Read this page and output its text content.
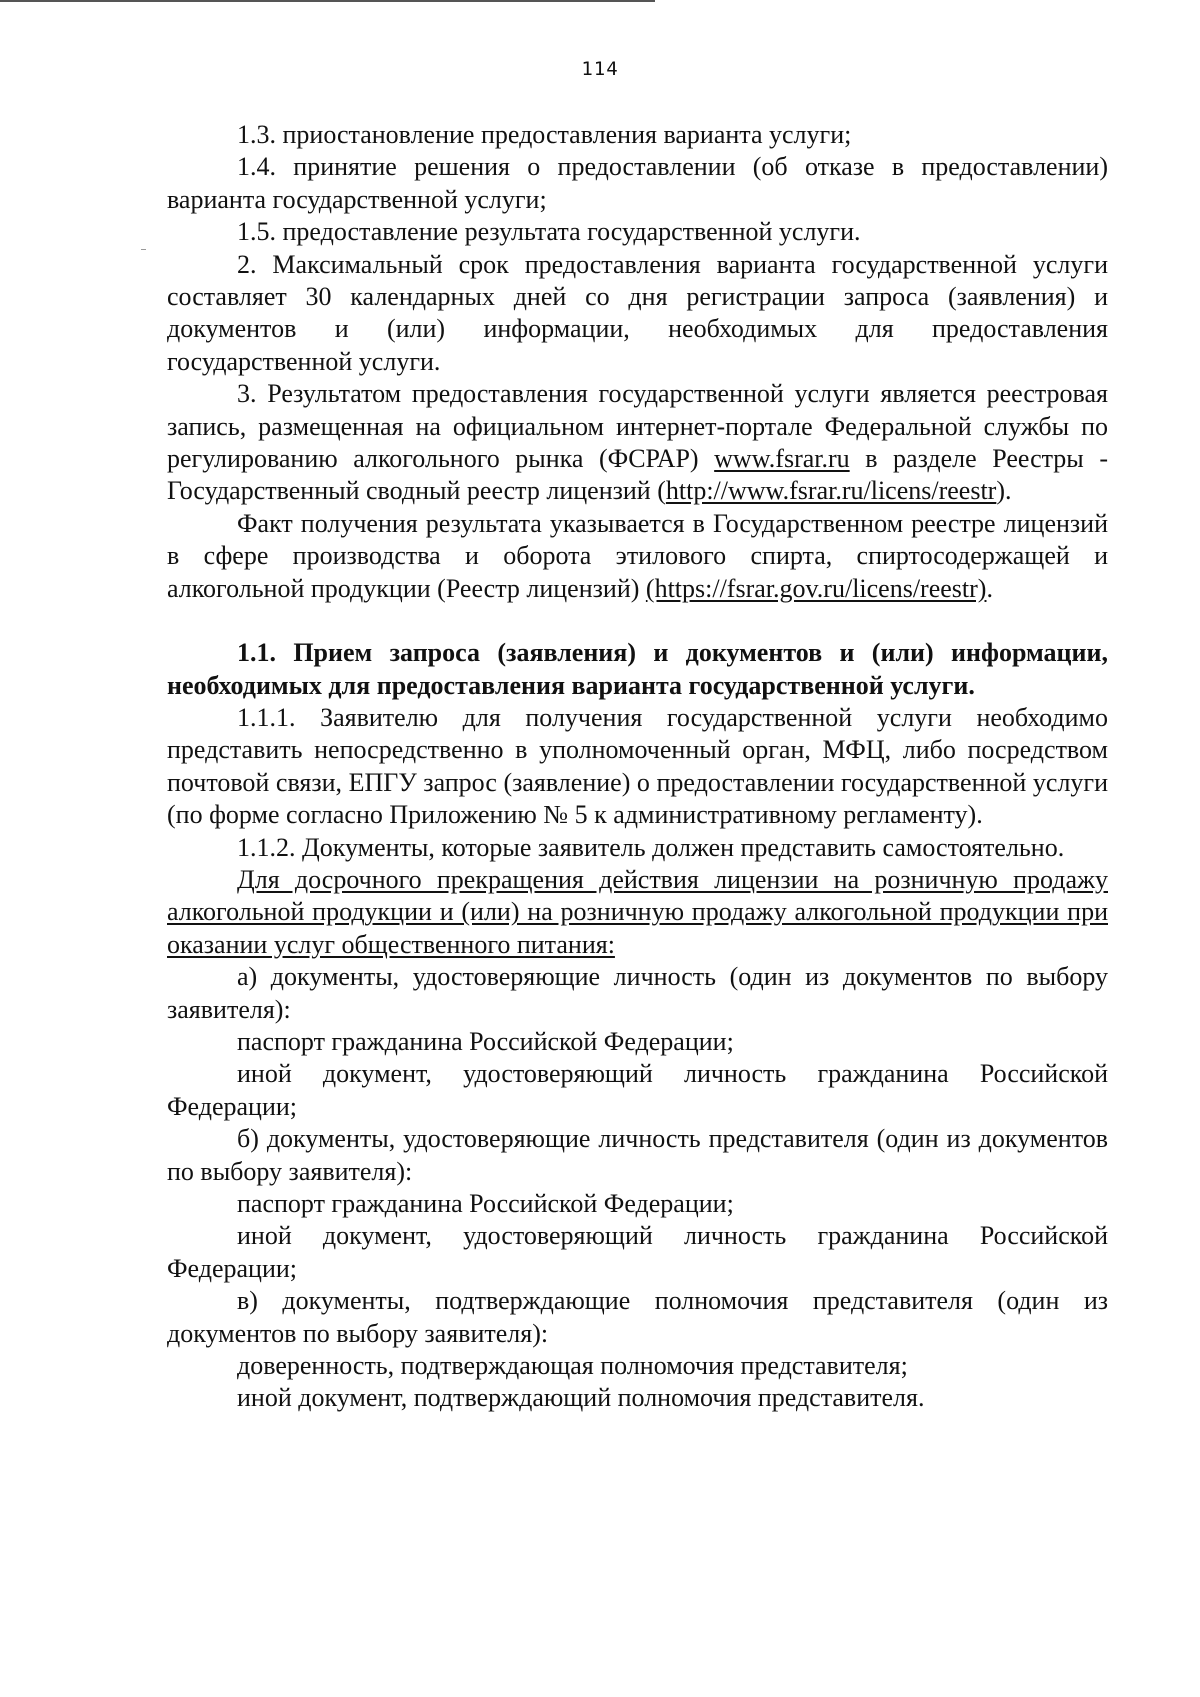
114

1.3. приостановление предоставления варианта услуги;

1.4. принятие решения о предоставлении (об отказе в предоставлении) варианта государственной услуги;

1.5. предоставление результата государственной услуги.

2. Максимальный срок предоставления варианта государственной услуги составляет 30 календарных дней со дня регистрации запроса (заявления) и документов и (или) информации, необходимых для предоставления государственной услуги.

3. Результатом предоставления государственной услуги является реестровая запись, размещенная на официальном интернет-портале Федеральной службы по регулированию алкогольного рынка (ФСРАР) www.fsrar.ru в разделе Реестры - Государственный сводный реестр лицензий (http://www.fsrar.ru/licens/reestr).

Факт получения результата указывается в Государственном реестре лицензий в сфере производства и оборота этилового спирта, спиртосодержащей и алкогольной продукции (Реестр лицензий) (https://fsrar.gov.ru/licens/reestr).

1.1. Прием запроса (заявления) и документов и (или) информации, необходимых для предоставления варианта государственной услуги.

1.1.1. Заявителю для получения государственной услуги необходимо представить непосредственно в уполномоченный орган, МФЦ, либо посредством почтовой связи, ЕПГУ запрос (заявление) о предоставлении государственной услуги (по форме согласно Приложению № 5 к административному регламенту).

1.1.2. Документы, которые заявитель должен представить самостоятельно.

Для досрочного прекращения действия лицензии на розничную продажу алкогольной продукции и (или) на розничную продажу алкогольной продукции при оказании услуг общественного питания:

а) документы, удостоверяющие личность (один из документов по выбору заявителя):

паспорт гражданина Российской Федерации;

иной документ, удостоверяющий личность гражданина Российской Федерации;

б) документы, удостоверяющие личность представителя (один из документов по выбору заявителя):

паспорт гражданина Российской Федерации;

иной документ, удостоверяющий личность гражданина Российской Федерации;

в) документы, подтверждающие полномочия представителя (один из документов по выбору заявителя):

доверенность, подтверждающая полномочия представителя;

иной документ, подтверждающий полномочия представителя.
